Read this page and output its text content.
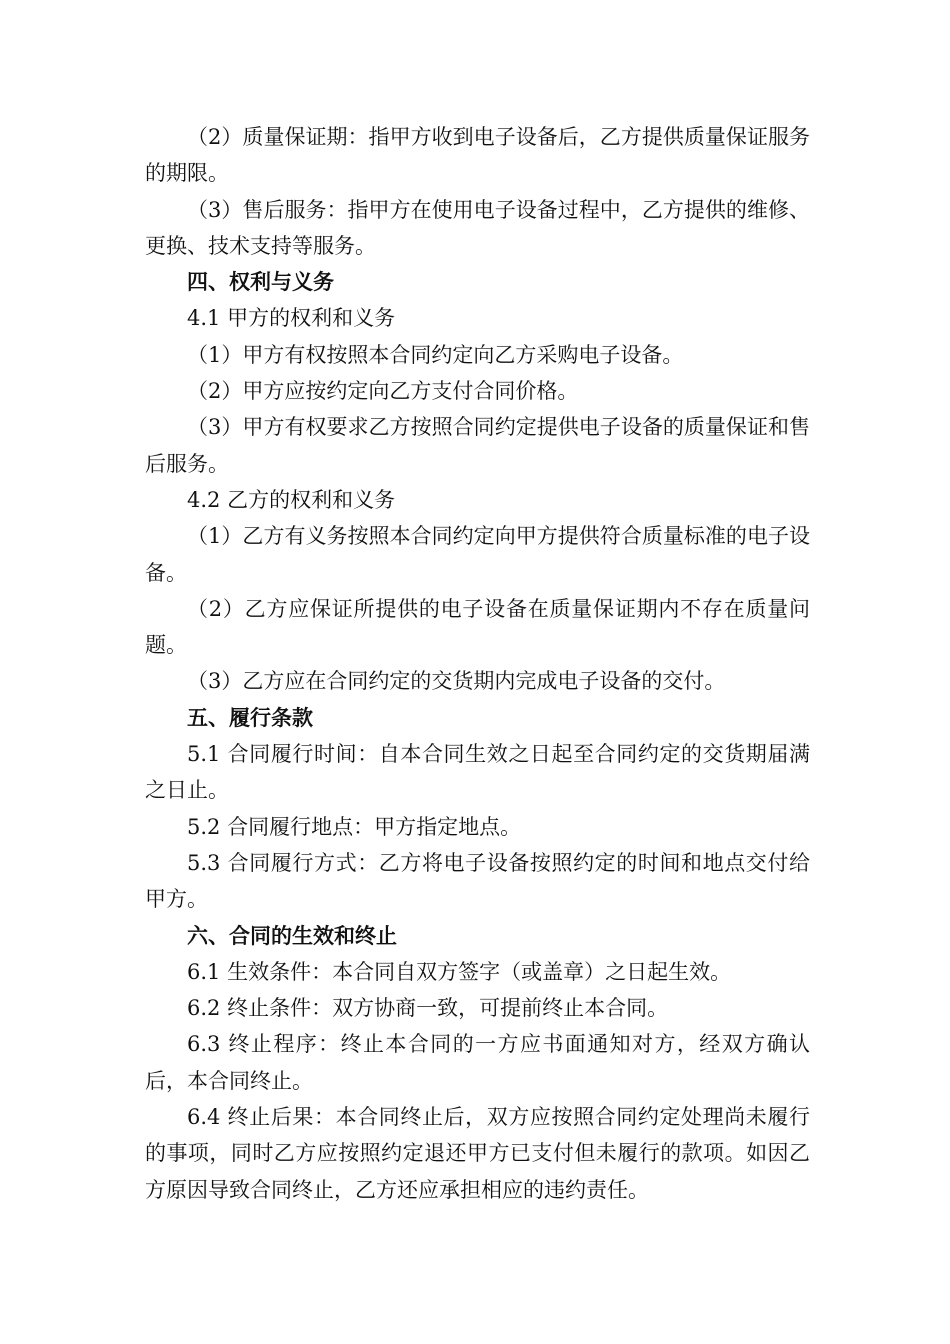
（2）质量保证期：指甲方收到电子设备后，乙方提供质量保证服务的期限。

（3）售后服务：指甲方在使用电子设备过程中，乙方提供的维修、更换、技术支持等服务。

四、权利与义务

4.1 甲方的权利和义务

（1）甲方有权按照本合同约定向乙方采购电子设备。

（2）甲方应按约定向乙方支付合同价格。

（3）甲方有权要求乙方按照合同约定提供电子设备的质量保证和售后服务。

4.2 乙方的权利和义务

（1）乙方有义务按照本合同约定向甲方提供符合质量标准的电子设备。

（2）乙方应保证所提供的电子设备在质量保证期内不存在质量问题。

（3）乙方应在合同约定的交货期内完成电子设备的交付。

五、履行条款

5.1 合同履行时间：自本合同生效之日起至合同约定的交货期届满之日止。

5.2 合同履行地点：甲方指定地点。

5.3 合同履行方式：乙方将电子设备按照约定的时间和地点交付给甲方。

六、合同的生效和终止

6.1 生效条件：本合同自双方签字（或盖章）之日起生效。

6.2 终止条件：双方协商一致，可提前终止本合同。

6.3 终止程序：终止本合同的一方应书面通知对方，经双方确认后，本合同终止。

6.4 终止后果：本合同终止后，双方应按照合同约定处理尚未履行的事项，同时乙方应按照约定退还甲方已支付但未履行的款项。如因乙方原因导致合同终止，乙方还应承担相应的违约责任。
